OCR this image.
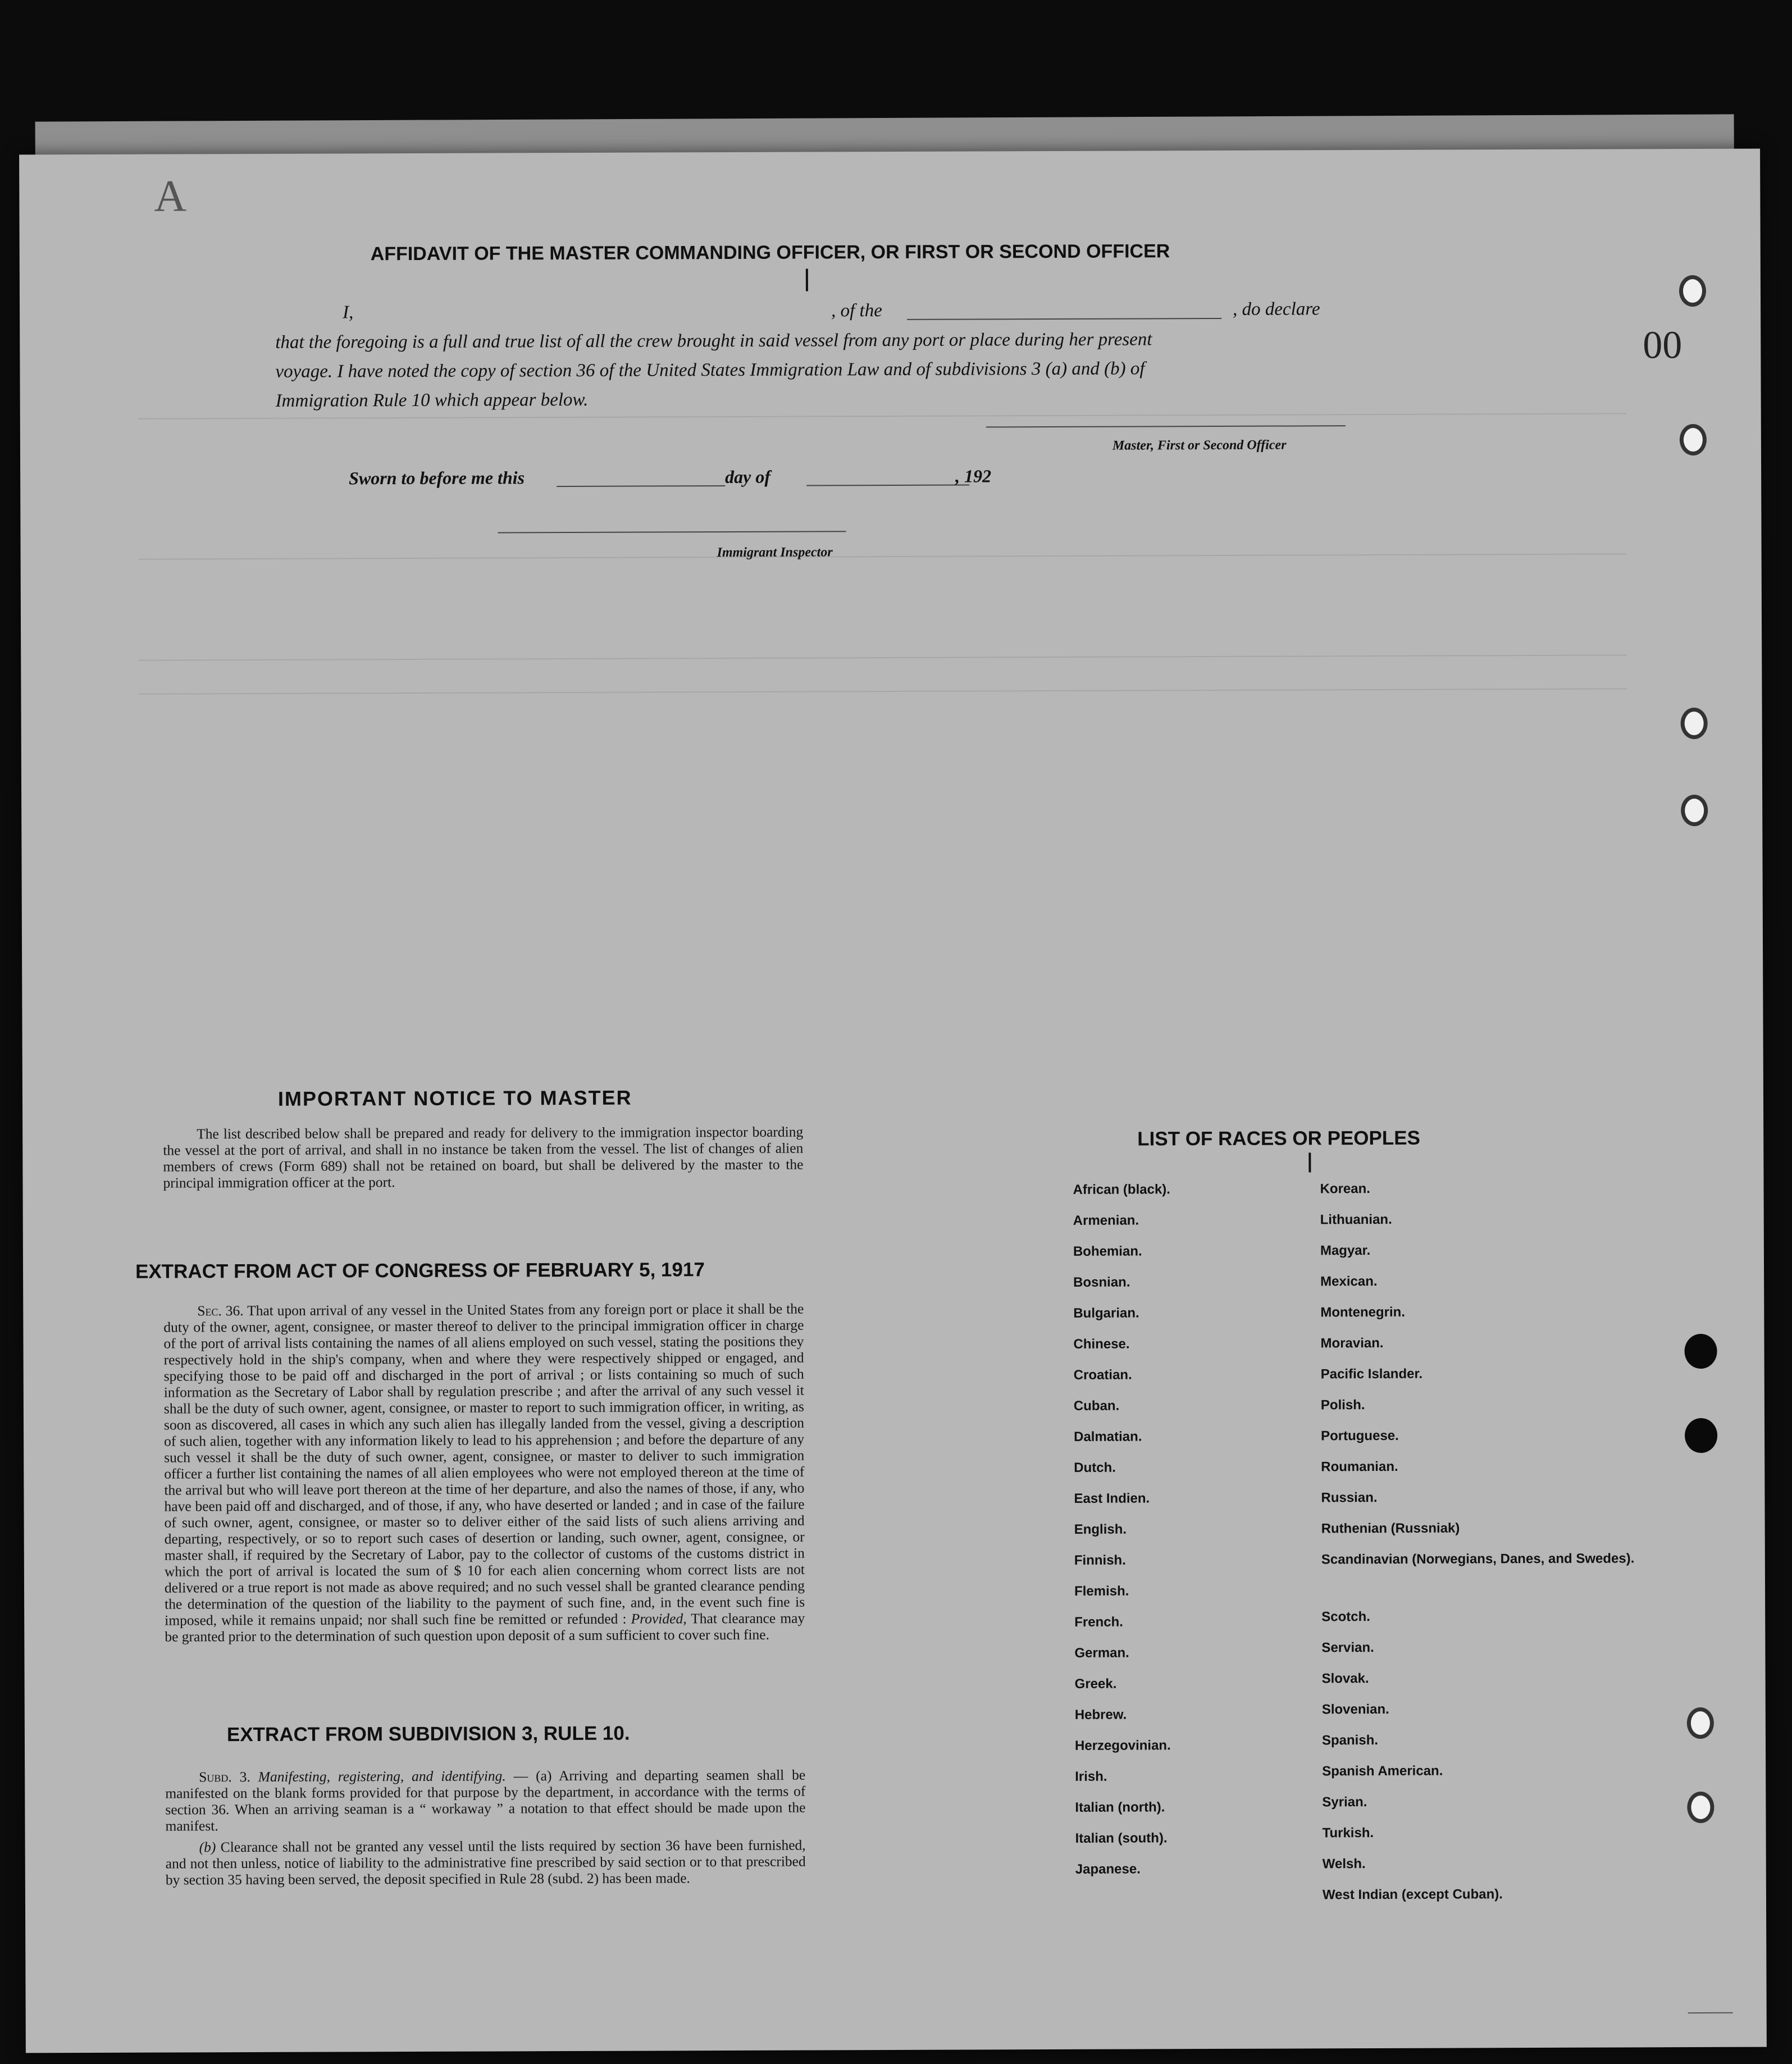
A
00
AFFIDAVIT OF THE MASTER COMMANDING OFFICER, OR FIRST OR SECOND OFFICER
I,	, of the	, do declare
that the foregoing is a full and true list of all the crew brought in said vessel from any port or place during her present
voyage. I have noted the copy of section 36 of the United States Immigration Law and of subdivisions 3 (a) and (b) of
Immigration Rule 10 which appear below.
Master, First or Second Officer
Sworn to before me this	day of	, 192
Immigrant Inspector
IMPORTANT NOTICE TO MASTER
The list described below shall be prepared and ready for delivery to the immigration inspector boarding the vessel at the port of arrival, and shall in no instance be taken from the vessel. The list of changes of alien members of crews (Form 689) shall not be retained on board, but shall be delivered by the master to the principal immigration officer at the port.
EXTRACT FROM ACT OF CONGRESS OF FEBRUARY 5, 1917
Sec. 36. That upon arrival of any vessel in the United States from any foreign port or place it shall be the duty of the owner, agent, consignee, or master thereof to deliver to the principal immigration officer in charge of the port of arrival lists containing the names of all aliens employed on such vessel, stating the positions they respectively hold in the ship's company, when and where they were respectively shipped or engaged, and specifying those to be paid off and discharged in the port of arrival ; or lists containing so much of such information as the Secretary of Labor shall by regulation prescribe ; and after the arrival of any such vessel it shall be the duty of such owner, agent, consignee, or master to report to such immigration officer, in writing, as soon as discovered, all cases in which any such alien has illegally landed from the vessel, giving a description of such alien, together with any information likely to lead to his apprehension ; and before the departure of any such vessel it shall be the duty of such owner, agent, consignee, or master to deliver to such immigration officer a further list containing the names of all alien employees who were not employed thereon at the time of the arrival but who will leave port thereon at the time of her departure, and also the names of those, if any, who have been paid off and discharged, and of those, if any, who have deserted or landed ; and in case of the failure of such owner, agent, consignee, or master so to deliver either of the said lists of such aliens arriving and departing, respectively, or so to report such cases of desertion or landing, such owner, agent, consignee, or master shall, if required by the Secretary of Labor, pay to the collector of customs of the customs district in which the port of arrival is located the sum of $ 10 for each alien concerning whom correct lists are not delivered or a true report is not made as above required; and no such vessel shall be granted clearance pending the determination of the question of the liability to the payment of such fine, and, in the event such fine is imposed, while it remains unpaid; nor shall such fine be remitted or refunded : Provided, That clearance may be granted prior to the determination of such question upon deposit of a sum sufficient to cover such fine.
EXTRACT FROM SUBDIVISION 3, RULE 10.
Subd. 3. Manifesting, registering, and identifying. — (a) Arriving and departing seamen shall be manifested on the blank forms provided for that purpose by the department, in accordance with the terms of section 36. When an arriving seaman is a “ workaway ” a notation to that effect should be made upon the manifest.
(b) Clearance shall not be granted any vessel until the lists required by section 36 have been furnished, and not then unless, notice of liability to the administrative fine prescribed by said section or to that prescribed by section 35 having been served, the deposit specified in Rule 28 (subd. 2) has been made.
LIST OF RACES OR PEOPLES
African (black).
Armenian.
Bohemian.
Bosnian.
Bulgarian.
Chinese.
Croatian.
Cuban.
Dalmatian.
Dutch.
East Indien.
English.
Finnish.
Flemish.
French.
German.
Greek.
Hebrew.
Herzegovinian.
Irish.
Italian (north).
Italian (south).
Japanese.
Korean.
Lithuanian.
Magyar.
Mexican.
Montenegrin.
Moravian.
Pacific Islander.
Polish.
Portuguese.
Roumanian.
Russian.
Ruthenian (Russniak)
Scandinavian (Norwegians, Danes, and Swedes).
Scotch.
Servian.
Slovak.
Slovenian.
Spanish.
Spanish American.
Syrian.
Turkish.
Welsh.
West Indian (except Cuban).
